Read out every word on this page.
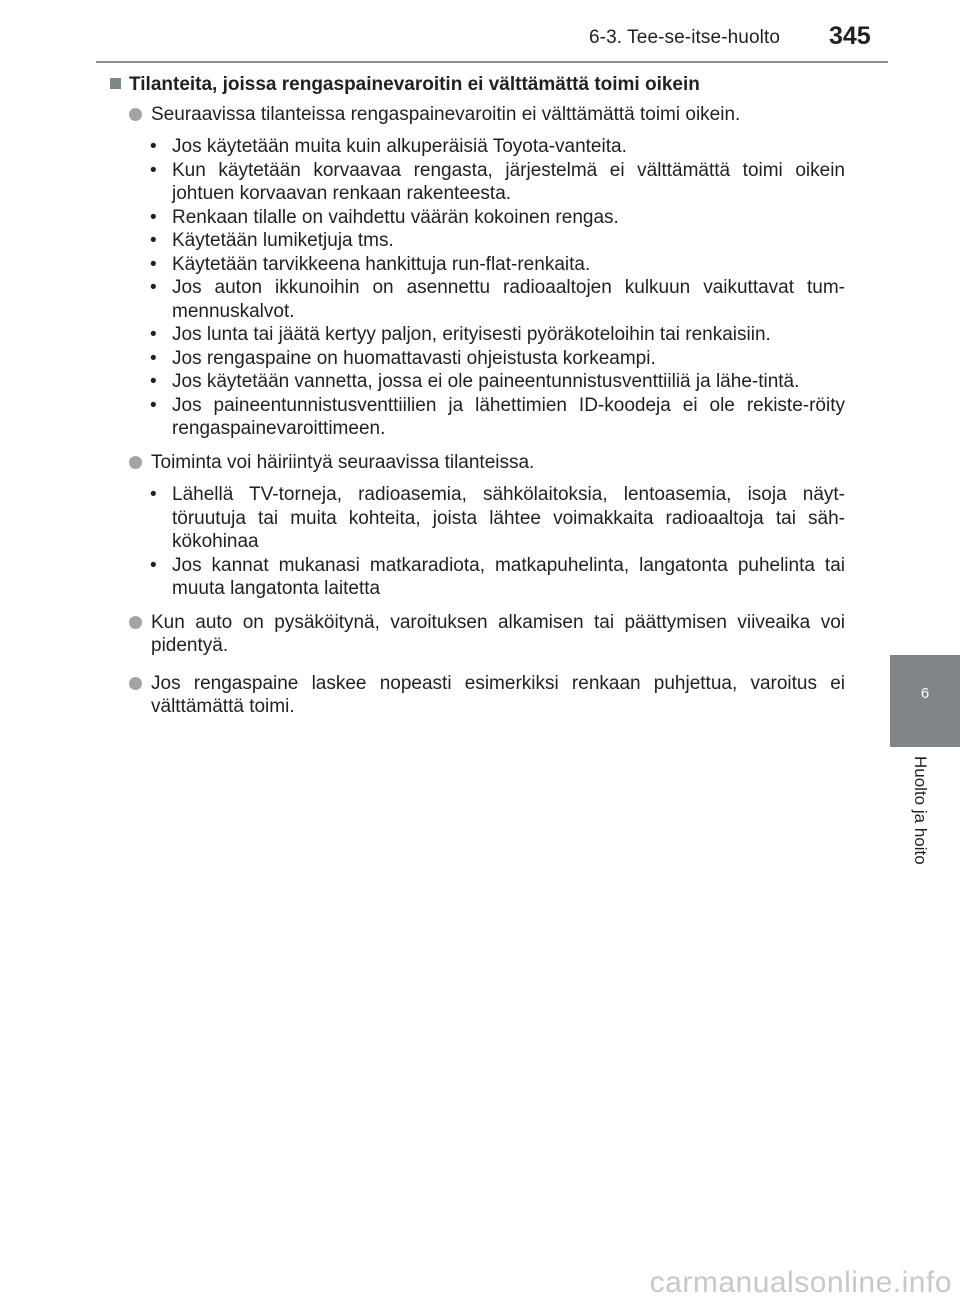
6-3. Tee-se-itse-huolto 345
6
Huolto ja hoito
Tilanteita, joissa rengaspainevaroitin ei välttämättä toimi oikein
Seuraavissa tilanteissa rengaspainevaroitin ei välttämättä toimi oikein.
• Jos käytetään muita kuin alkuperäisiä Toyota-vanteita.
• Kun käytetään korvaavaa rengasta, järjestelmä ei välttämättä toimi oikein johtuen korvaavan renkaan rakenteesta.
• Renkaan tilalle on vaihdettu väärän kokoinen rengas.
• Käytetään lumiketjuja tms.
• Käytetään tarvikkeena hankittuja run-flat-renkaita.
• Jos auton ikkunoihin on asennettu radioaaltojen kulkuun vaikuttavat tum-mennuskalvot.
• Jos lunta tai jäätä kertyy paljon, erityisesti pyöräkoteloihin tai renkaisiin.
• Jos rengaspaine on huomattavasti ohjeistusta korkeampi.
• Jos käytetään vannetta, jossa ei ole paineentunnistusventtiiliä ja lähe-tintä.
• Jos paineentunnistusventtiilien ja lähettimien ID-koodeja ei ole rekiste-röity rengaspainevaroittimeen.
Toiminta voi häiriintyä seuraavissa tilanteissa.
• Lähellä TV-torneja, radioasemia, sähkölaitoksia, lentoasemia, isoja näyt-töruutuja tai muita kohteita, joista lähtee voimakkaita radioaaltoja tai säh-kökohinaa
• Jos kannat mukanasi matkaradiota, matkapuhelinta, langatonta puhelinta tai muuta langatonta laitetta
Kun auto on pysäköitynä, varoituksen alkamisen tai päättymisen viiveaika voi pidentyä.
Jos rengaspaine laskee nopeasti esimerkiksi renkaan puhjettua, varoitus ei välttämättä toimi.
carmanualsonline.info
